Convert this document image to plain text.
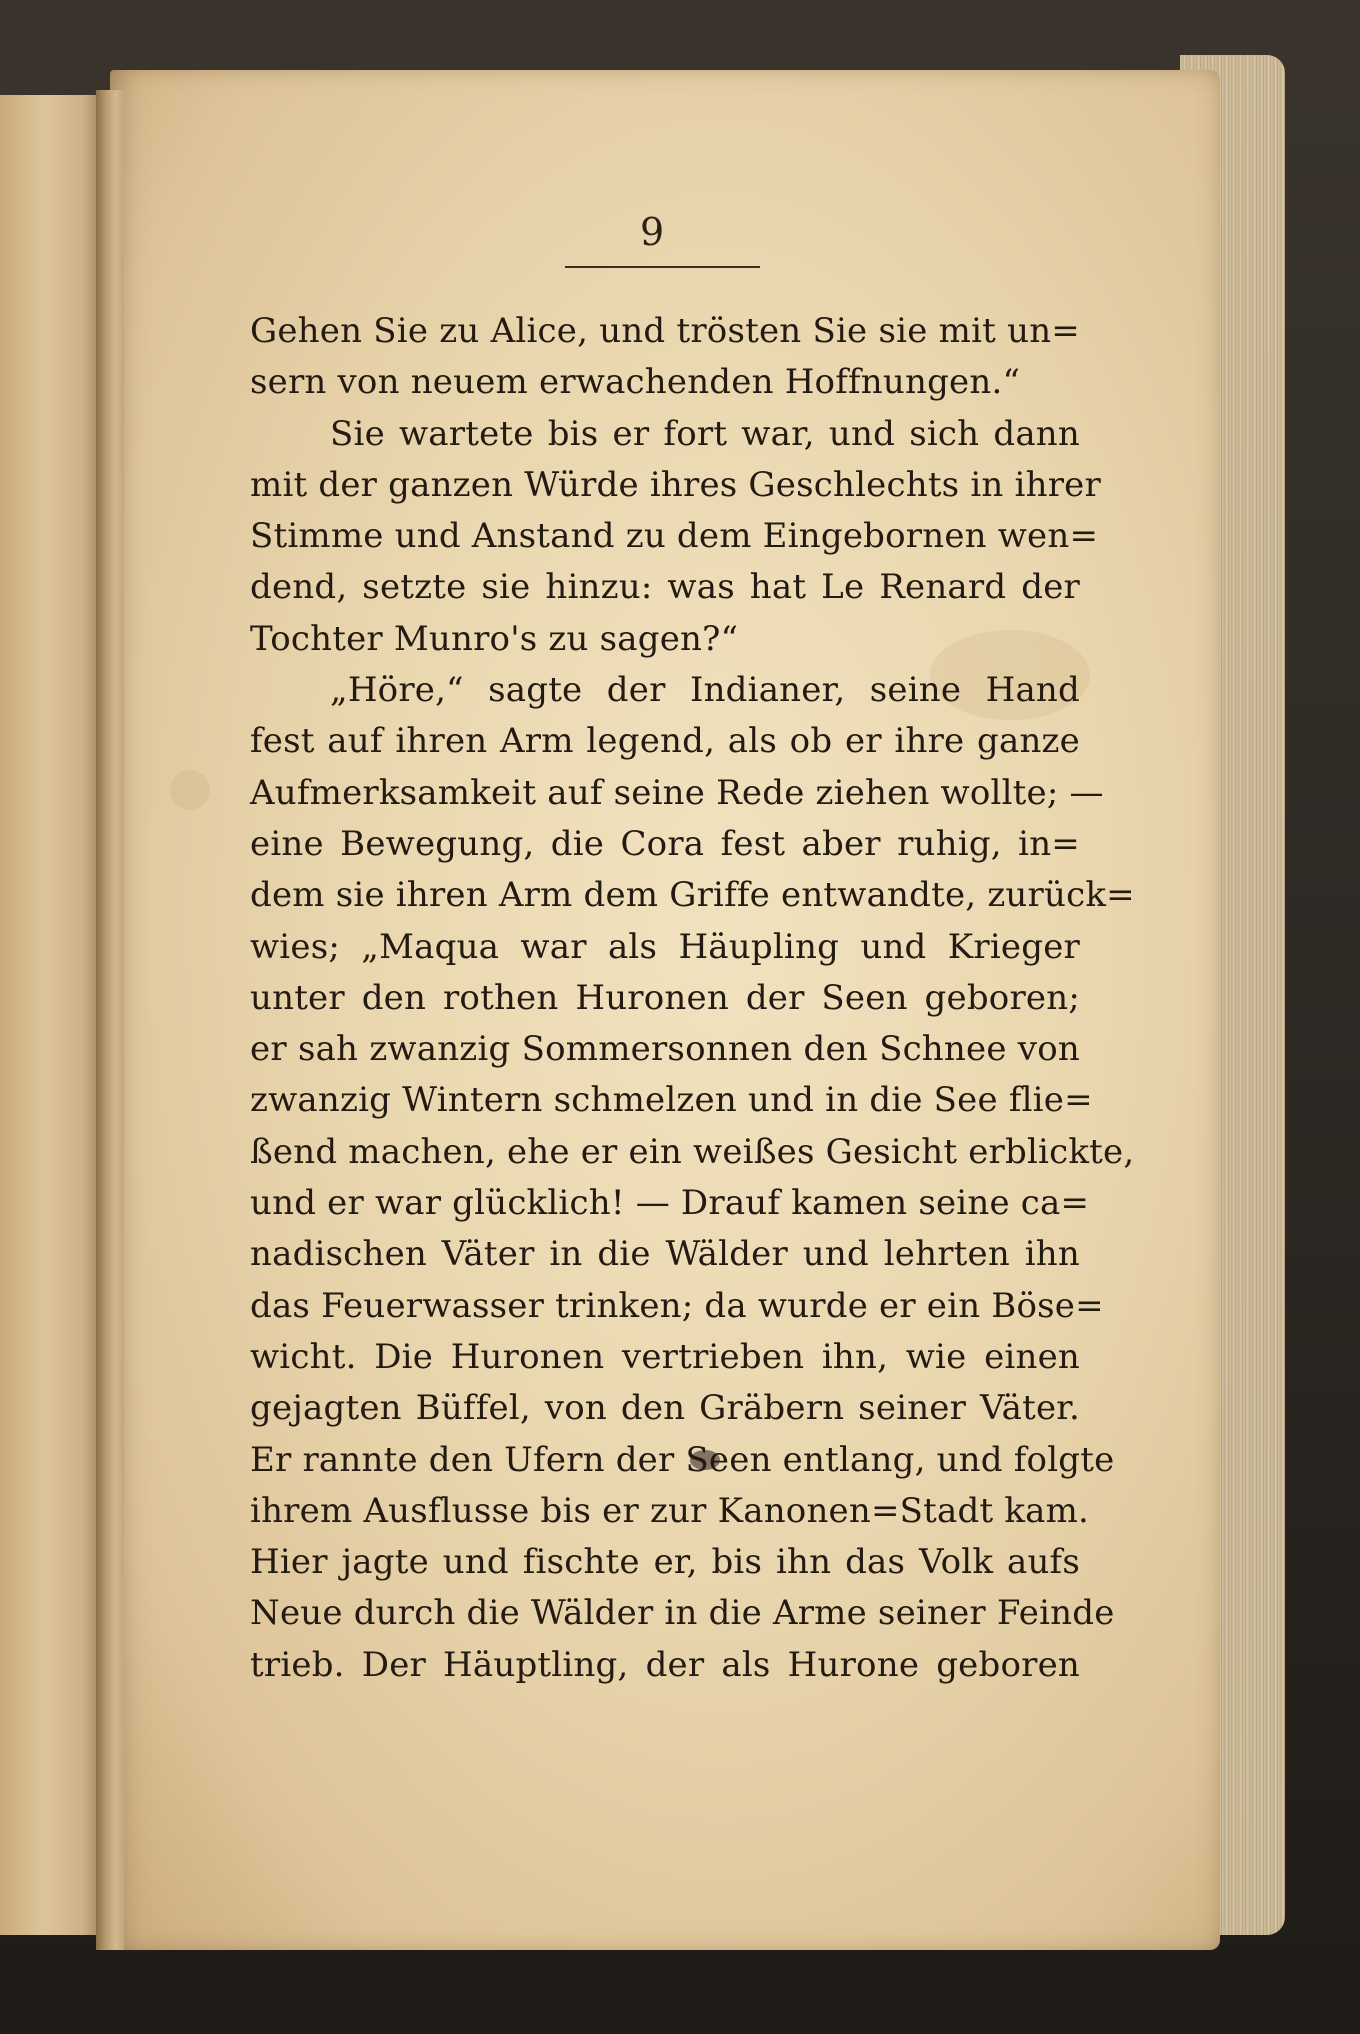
9
Gehen Sie zu Alice, und trösten Sie sie mit un=
sern von neuem erwachenden Hoffnungen.“
Sie wartete bis er fort war, und sich dann
mit der ganzen Würde ihres Geschlechts in ihrer
Stimme und Anstand zu dem Eingebornen wen=
dend, setzte sie hinzu: was hat Le Renard der
Tochter Munro's zu sagen?“
„Höre,“ sagte der Indianer, seine Hand
fest auf ihren Arm legend, als ob er ihre ganze
Aufmerksamkeit auf seine Rede ziehen wollte; —
eine Bewegung, die Cora fest aber ruhig, in=
dem sie ihren Arm dem Griffe entwandte, zurück=
wies; „Maqua war als Häupling und Krieger
unter den rothen Huronen der Seen geboren;
er sah zwanzig Sommersonnen den Schnee von
zwanzig Wintern schmelzen und in die See flie=
ßend machen, ehe er ein weißes Gesicht erblickte,
und er war glücklich! — Drauf kamen seine ca=
nadischen Väter in die Wälder und lehrten ihn
das Feuerwasser trinken; da wurde er ein Böse=
wicht. Die Huronen vertrieben ihn, wie einen
gejagten Büffel, von den Gräbern seiner Väter.
Er rannte den Ufern der Seen entlang, und folgte
ihrem Ausflusse bis er zur Kanonen=Stadt kam.
Hier jagte und fischte er, bis ihn das Volk aufs
Neue durch die Wälder in die Arme seiner Feinde
trieb. Der Häuptling, der als Hurone geboren
